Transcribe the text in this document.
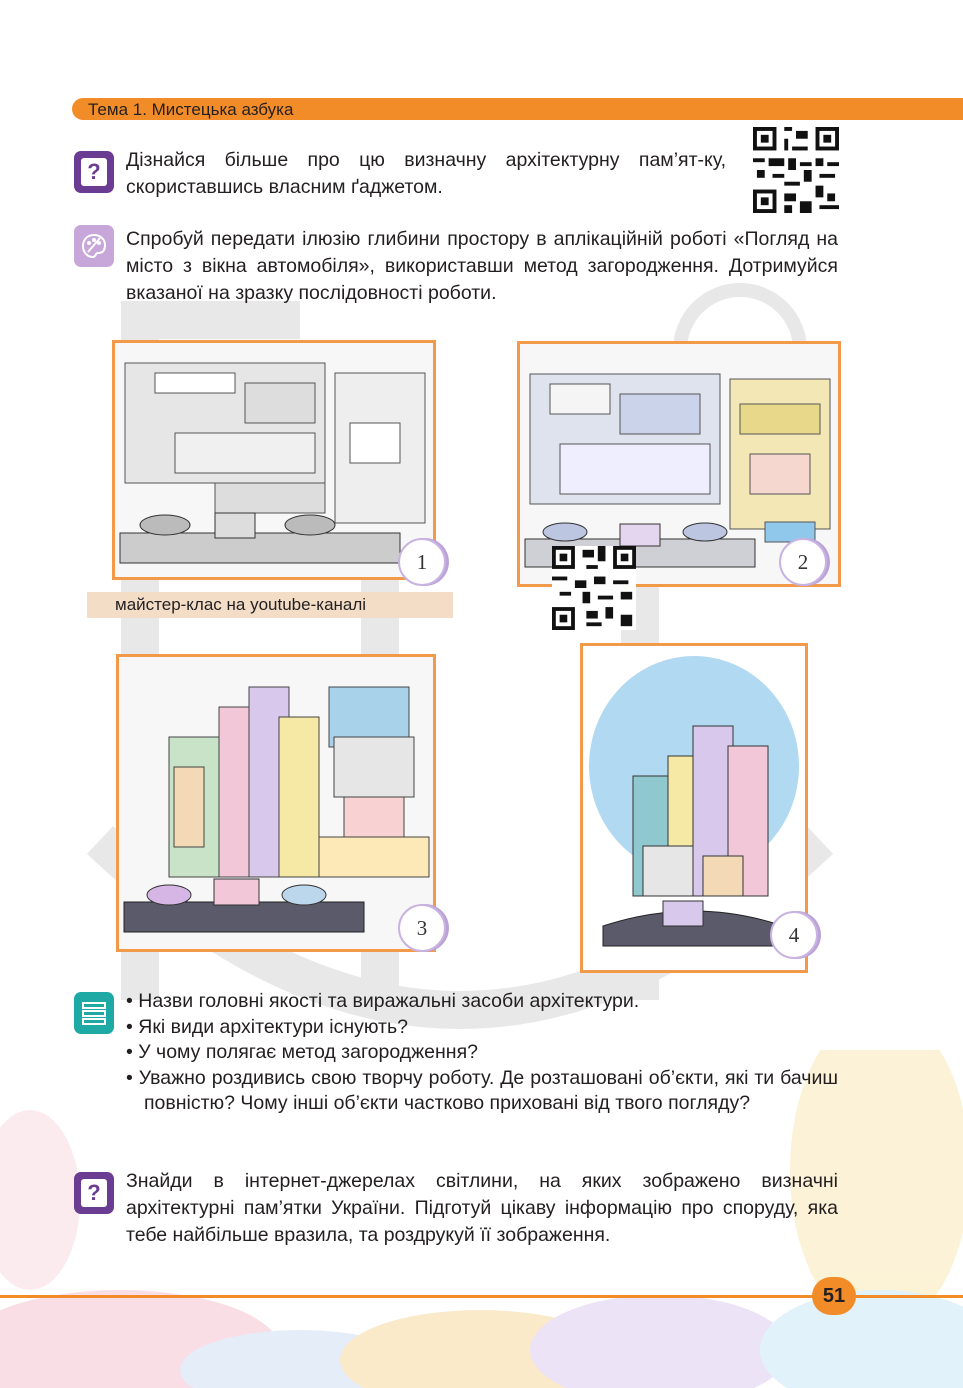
Тема 1. Мистецька азбука
?	Дізнайся більше про цю визначну архітектурну пам’ят-ку, скориставшись власним ґаджетом.
Спробуй передати ілюзію глибини простору в аплікаційній роботі «Погляд на місто з вікна автомобіля», використавши метод загородження. Дотримуйся вказаної на зразку послідовності роботи.
1	2
майстер-клас на youtube-каналі
3	4
• Назви головні якості та виражальні засоби архітектури.
• Які види архітектури існують?
• У чому полягає метод загородження?
• Уважно роздивись свою творчу роботу. Де розташовані об’єкти, які ти бачиш повністю? Чому інші об’єкти частково приховані від твого погляду?
?	Знайди в інтернет-джерелах світлини, на яких зображено визначні архітектурні пам’ятки України. Підготуй цікаву інформацію про споруду, яка тебе найбільше вразила, та роздрукуй її зображення.
51
